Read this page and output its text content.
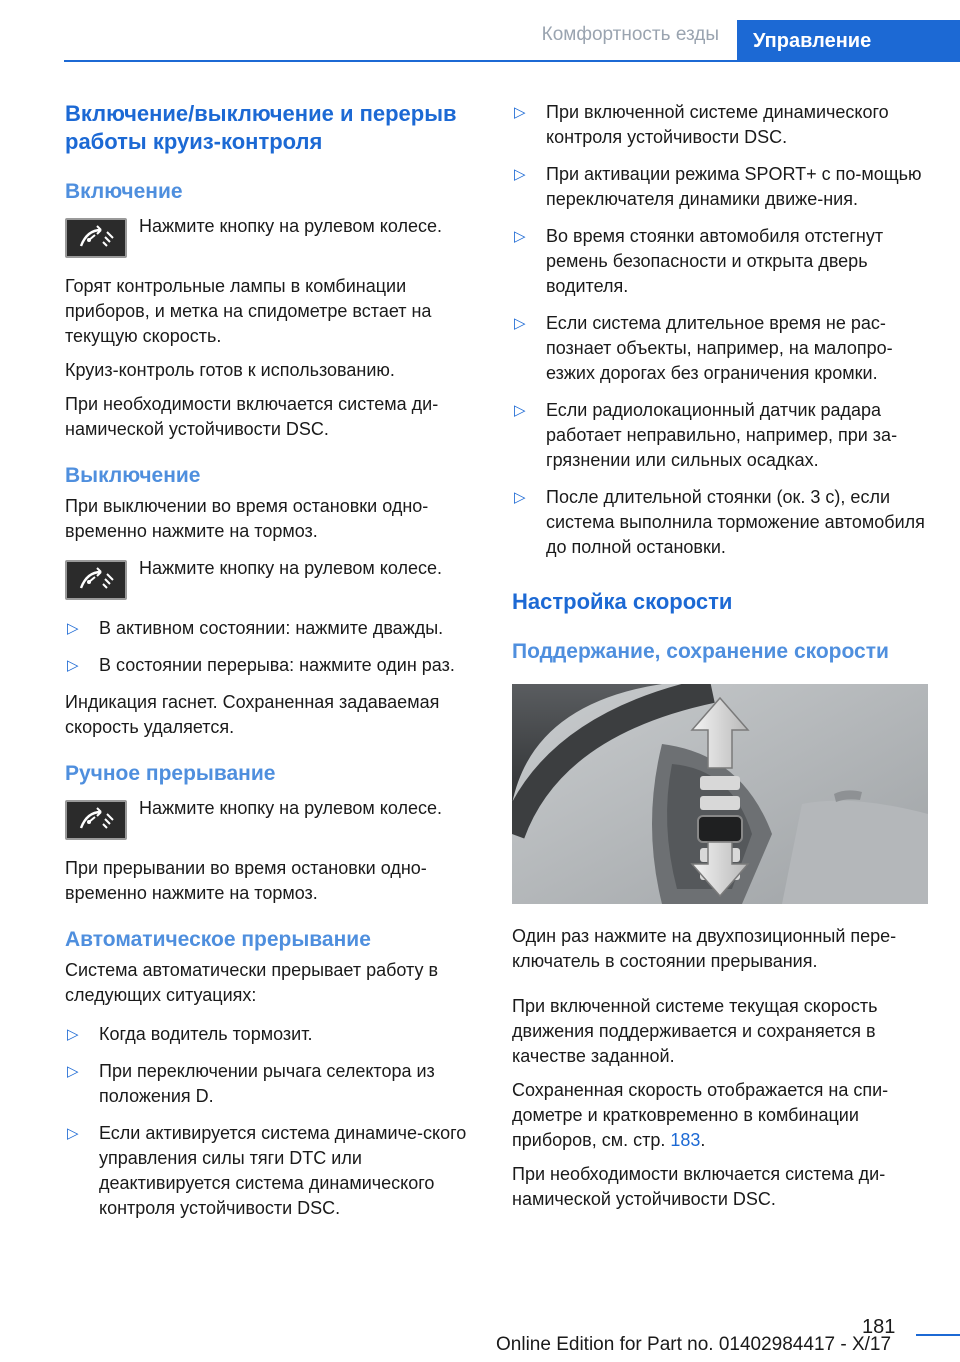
Комфортность езды	Управление
Включение/выключение и перерыв работы круиз-контроля
Включение
Нажмите кнопку на рулевом колесе.

Горят контрольные лампы в комбинации приборов, и метка на спидометре встает на текущую скорость.

Круиз-контроль готов к использованию.

При необходимости включается система ди-намической устойчивости DSC.

Выключение

При выключении во время остановки одно-временно нажмите на тормоз.

Нажмите кнопку на рулевом колесе.
▷ В активном состоянии: нажмите дважды.
▷ В состоянии перерыва: нажмите один раз.

Индикация гаснет. Сохраненная задаваемая скорость удаляется.

Ручное прерывание
Нажмите кнопку на рулевом колесе.

При прерывании во время остановки одно-временно нажмите на тормоз.

Автоматическое прерывание

Система автоматически прерывает работу в следующих ситуациях:

▷ Когда водитель тормозит.
▷ При переключении рычага селектора из положения D.
▷ Если активируется система динамиче-ского управления силы тяги DTC или деактивируется система динамического контроля устойчивости DSC.
▷ При включенной системе динамического контроля устойчивости DSC.
▷ При активации режима SPORT+ с по-мощью переключателя динамики движе-ния.
▷ Во время стоянки автомобиля отстегнут ремень безопасности и открыта дверь водителя.
▷ Если система длительное время не рас-познает объекты, например, на малопро-езжих дорогах без ограничения кромки.
▷ Если радиолокационный датчик радара работает неправильно, например, при за-грязнении или сильных осадках.
▷ После длительной стоянки (ок. 3 с), если система выполнила торможение автомобиля до полной остановки.
Настройка скорости
Поддержание, сохранение скорости

Один раз нажмите на двухпозиционный пере-ключатель в состоянии прерывания.

При включенной системе текущая скорость движения поддерживается и сохраняется в качестве заданной.

Сохраненная скорость отображается на спи-дометре и кратковременно в комбинации приборов, см. стр. 183.

При необходимости включается система ди-намической устойчивости DSC.

181
Online Edition for Part no. 01402984417 - X/17
